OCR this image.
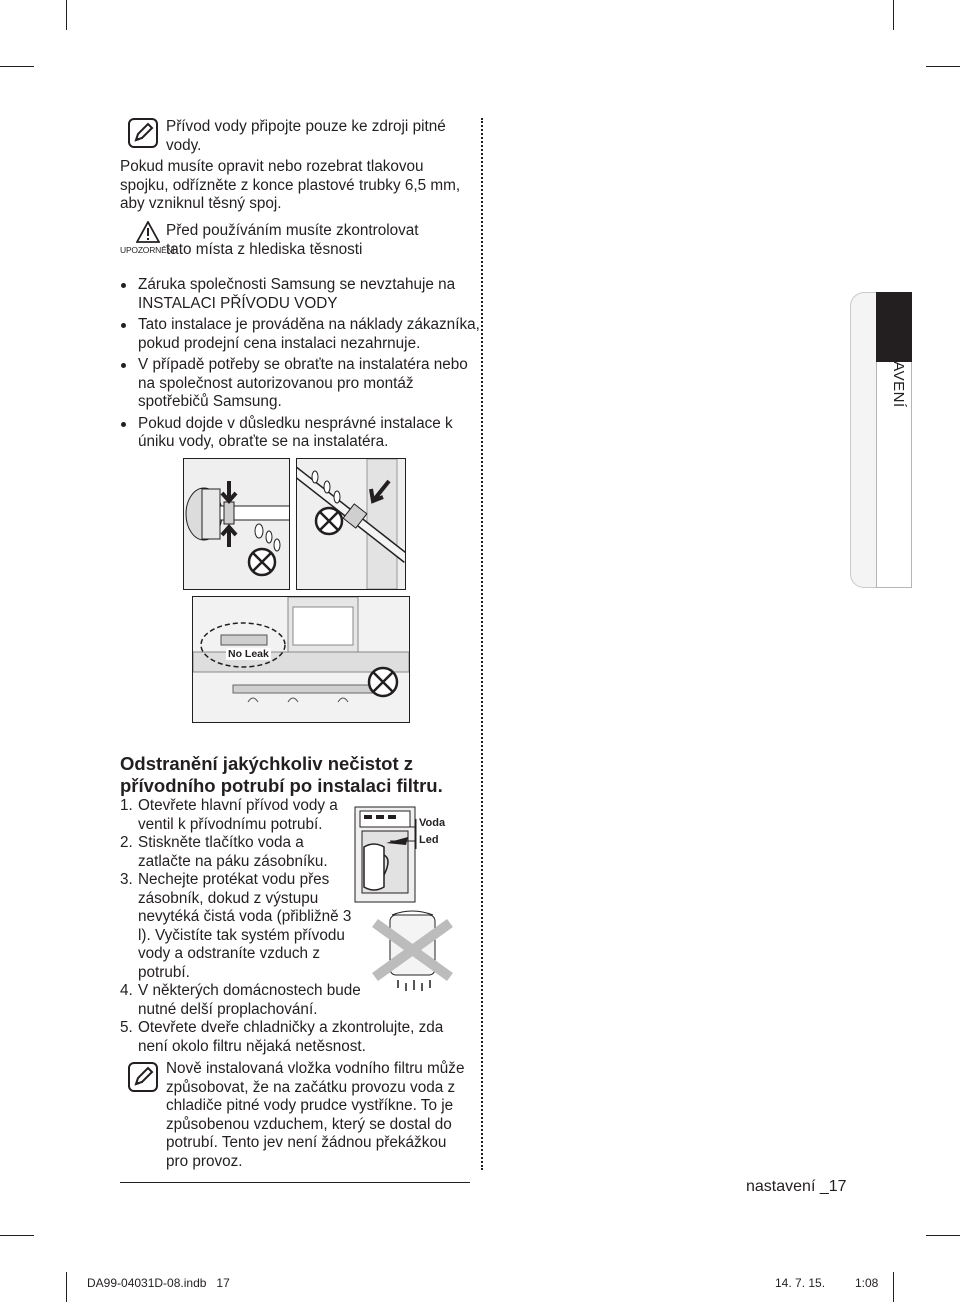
Přívod vody připojte pouze ke zdroji pitné vody.
Pokud musíte opravit nebo rozebrat tlakovou spojku, odřízněte z konce plastové trubky 6,5 mm, aby vzniknul těsný spoj.
UPOZORNĚNÍ
Před používáním musíte zkontrolovat tato místa z hlediska těsnosti
Záruka společnosti Samsung se nevztahuje na INSTALACI PŘÍVODU VODY
Tato instalace je prováděna na náklady zákazníka, pokud prodejní cena instalaci nezahrnuje.
V případě potřeby se obraťte na instalatéra nebo na společnost autorizovanou pro montáž spotřebičů Samsung.
Pokud dojde v důsledku nesprávné instalace k úniku vody, obraťte se na instalatéra.
No Leak
01 NASTAVENÍ
Odstranění jakýchkoliv nečistot z přívodního potrubí po instalaci filtru.
1. Otevřete hlavní přívod vody a ventil k přívodnímu potrubí.
2. Stiskněte tlačítko voda a zatlačte na páku zásobníku.
3. Nechejte protékat vodu přes zásobník, dokud z výstupu nevytéká čistá voda (přibližně 3 l). Vyčistíte tak systém přívodu vody a odstraníte vzduch z potrubí.
4. V některých domácnostech bude nutné delší proplachování.
5. Otevřete dveře chladničky a zkontrolujte, zda není okolo filtru nějaká netěsnost.
Voda
Led
Nově instalovaná vložka vodního filtru může způsobovat, že na začátku provozu voda z chladiče pitné vody prudce vystříkne. To je způsobenou vzduchem, který se dostal do potrubí. Tento jev není žádnou překážkou pro provoz.
nastavení _17
DA99-04031D-08.indb   17	14. 7. 15. 1:08
